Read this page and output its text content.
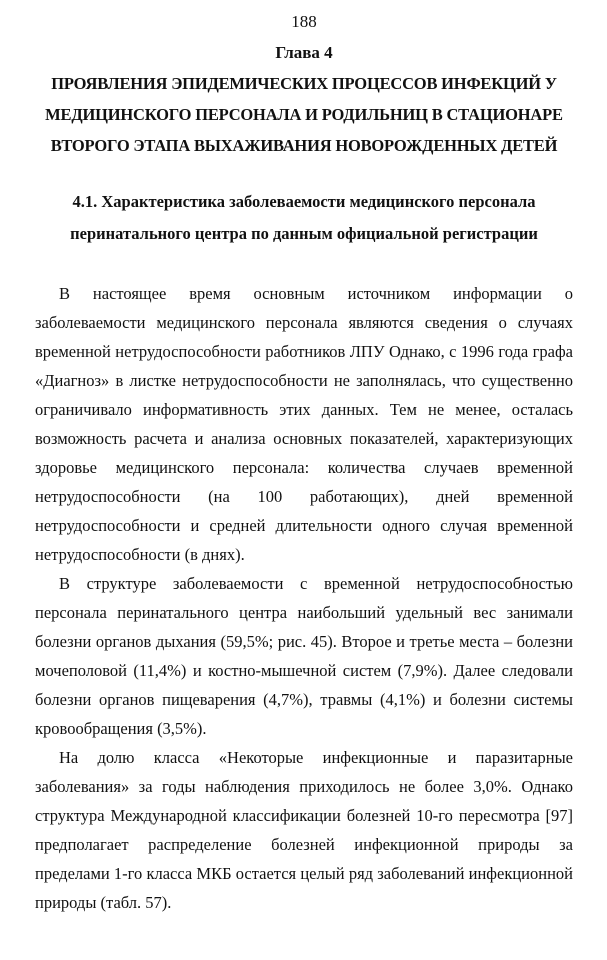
188
Глава 4
ПРОЯВЛЕНИЯ ЭПИДЕМИЧЕСКИХ ПРОЦЕССОВ ИНФЕКЦИЙ У
МЕДИЦИНСКОГО ПЕРСОНАЛА И РОДИЛЬНИЦ В СТАЦИОНАРЕ
ВТОРОГО ЭТАПА ВЫХАЖИВАНИЯ НОВОРОЖДЕННЫХ ДЕТЕЙ
4.1. Характеристика заболеваемости медицинского персонала перинатального центра по данным официальной регистрации

В настоящее время основным источником информации о заболеваемости медицинского персонала являются сведения о случаях временной нетрудоспособности работников ЛПУ Однако, с 1996 года графа «Диагноз» в листке нетрудоспособности не заполнялась, что существенно ограничивало информативность этих данных. Тем не менее, осталась возможность расчета и анализа основных показателей, характеризующих здоровье медицинского персонала: количества случаев временной нетрудоспособности (на 100 работающих), дней временной нетрудоспособности и средней длительности одного случая временной нетрудоспособности (в днях).

В структуре заболеваемости с временной нетрудоспособностью персонала перинатального центра наибольший удельный вес занимали болезни органов дыхания (59,5%; рис. 45). Второе и третье места – болезни мочеполовой (11,4%) и костно-мышечной систем (7,9%). Далее следовали болезни органов пищеварения (4,7%), травмы (4,1%) и болезни системы кровообращения (3,5%).

На долю класса «Некоторые инфекционные и паразитарные заболевания» за годы наблюдения приходилось не более 3,0%. Однако структура Международной классификации болезней 10-го пересмотра [97] предполагает распределение болезней инфекционной природы за пределами 1-го класса МКБ остается целый ряд заболеваний инфекционной природы (табл. 57).
